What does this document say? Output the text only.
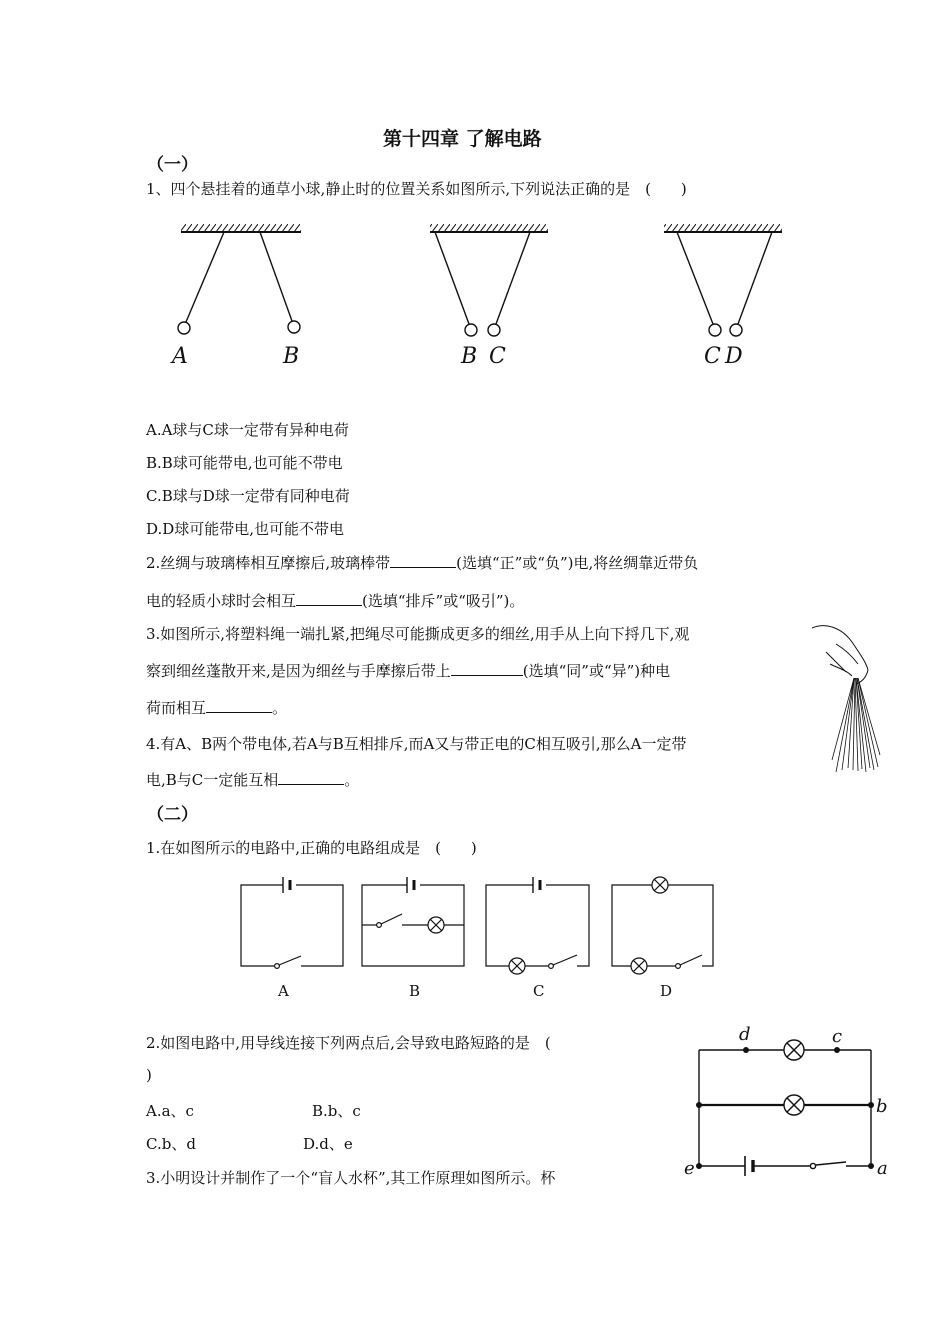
第十四章 了解电路
（一）
1、四个悬挂着的通草小球,静止时的位置关系如图所示,下列说法正确的是　(　　)
A	B	B C	C D
A.A球与C球一定带有异种电荷
B.B球可能带电,也可能不带电
C.B球与D球一定带有同种电荷
D.D球可能带电,也可能不带电
2.丝绸与玻璃棒相互摩擦后,玻璃棒带	(选填“正”或“负”)电,将丝绸靠近带负
电的轻质小球时会相互	(选填“排斥”或“吸引”)。
3.如图所示,将塑料绳一端扎紧,把绳尽可能撕成更多的细丝,用手从上向下捋几下,观
察到细丝蓬散开来,是因为细丝与手摩擦后带上	(选填“同”或“异”)种电
荷而相互	。
4.有A、B两个带电体,若A与B互相排斥,而A又与带正电的C相互吸引,那么A一定带
电,B与C一定能互相	。
（二）
1.在如图所示的电路中,正确的电路组成是　(　　)
A	B	C	D
2.如图电路中,用导线连接下列两点后,会导致电路短路的是　(
)
A.a、c	B.b、c
C.b、d	D.d、e
d	c
b
e	a
3.小明设计并制作了一个“盲人水杯”,其工作原理如图所示。杯
